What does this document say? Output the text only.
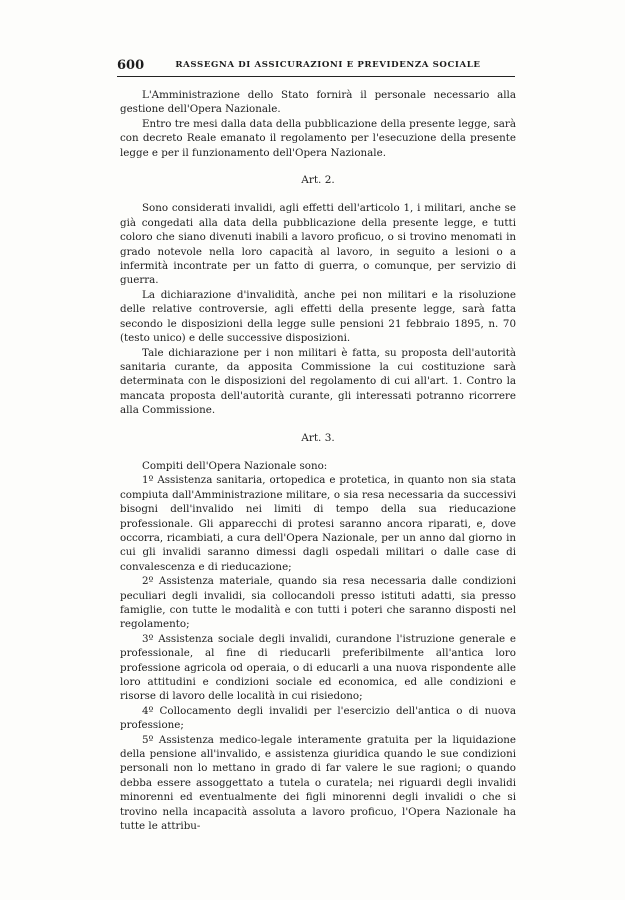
600	RASSEGNA DI ASSICURAZIONI E PREVIDENZA SOCIALE

L'Amministrazione dello Stato fornirà il personale necessario alla gestione dell'Opera Nazionale.

Entro tre mesi dalla data della pubblicazione della presente legge, sarà con decreto Reale emanato il regolamento per l'esecuzione della presente legge e per il funzionamento dell'Opera Nazionale.

Art. 2.

Sono considerati invalidi, agli effetti dell'articolo 1, i militari, anche se già congedati alla data della pubblicazione della presente legge, e tutti coloro che siano divenuti inabili a lavoro proficuo, o si trovino menomati in grado notevole nella loro capacità al lavoro, in seguito a lesioni o a infermità incontrate per un fatto di guerra, o comunque, per servizio di guerra.

La dichiarazione d'invalidità, anche pei non militari e la risoluzione delle relative controversie, agli effetti della presente legge, sarà fatta secondo le disposizioni della legge sulle pensioni 21 febbraio 1895, n. 70 (testo unico) e delle successive disposizioni.

Tale dichiarazione per i non militari è fatta, su proposta dell'autorità sanitaria curante, da apposita Commissione la cui costituzione sarà determinata con le disposizioni del regolamento di cui all'art. 1. Contro la mancata proposta dell'autorità curante, gli interessati potranno ricorrere alla Commissione.

Art. 3.

Compiti dell'Opera Nazionale sono:

1º Assistenza sanitaria, ortopedica e protetica, in quanto non sia stata compiuta dall'Amministrazione militare, o sia resa necessaria da successivi bisogni dell'invalido nei limiti di tempo della sua rieducazione professionale. Gli apparecchi di protesi saranno ancora riparati, e, dove occorra, ricambiati, a cura dell'Opera Nazionale, per un anno dal giorno in cui gli invalidi saranno dimessi dagli ospedali militari o dalle case di convalescenza e di rieducazione;

2º Assistenza materiale, quando sia resa necessaria dalle condizioni peculiari degli invalidi, sia collocandoli presso istituti adatti, sia presso famiglie, con tutte le modalità e con tutti i poteri che saranno disposti nel regolamento;

3º Assistenza sociale degli invalidi, curandone l'istruzione generale e professionale, al fine di rieducarli preferibilmente all'antica loro professione agricola od operaia, o di educarli a una nuova rispondente alle loro attitudini e condizioni sociale ed economica, ed alle condizioni e risorse di lavoro delle località in cui risiedono;

4º Collocamento degli invalidi per l'esercizio dell'antica o di nuova professione;

5º Assistenza medico-legale interamente gratuita per la liquidazione della pensione all'invalido, e assistenza giuridica quando le sue condizioni personali non lo mettano in grado di far valere le sue ragioni; o quando debba essere assoggettato a tutela o curatela; nei riguardi degli invalidi minorenni ed eventualmente dei figli minorenni degli invalidi o che si trovino nella incapacità assoluta a lavoro proficuo, l'Opera Nazionale ha tutte le attribu-
